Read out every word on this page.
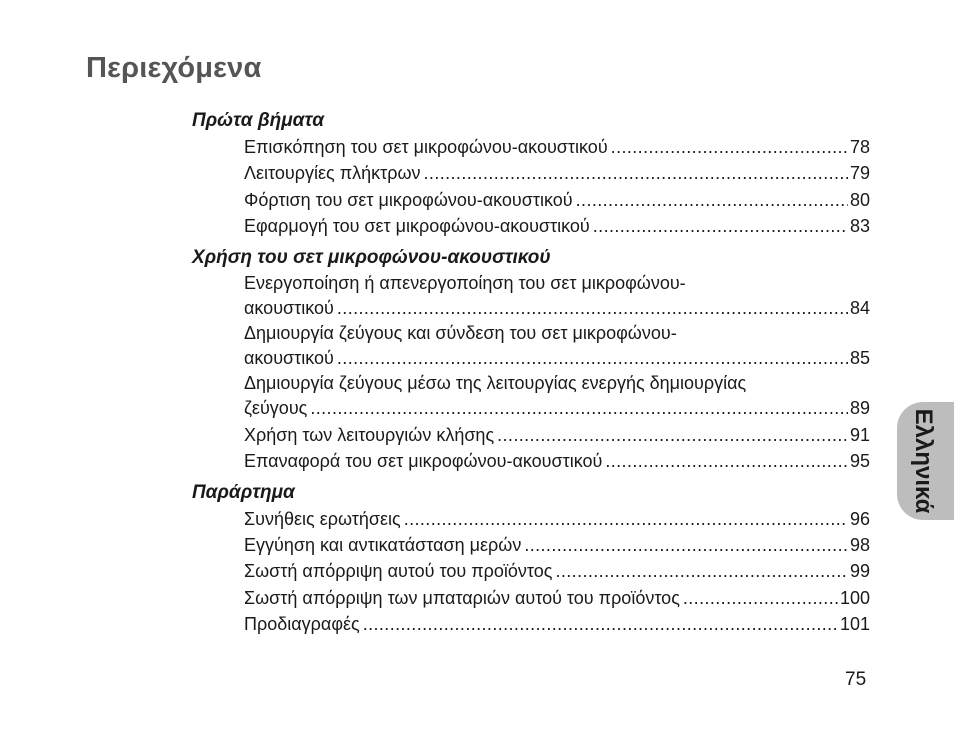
Περιεχόμενα
Πρώτα βήματα
Επισκόπηση του σετ μικροφώνου-ακουστικού .....	78
Λειτουργίες πλήκτρων .....	79
Φόρτιση του σετ μικροφώνου-ακουστικού .....	80
Εφαρμογή του σετ μικροφώνου-ακουστικού .....	83
Χρήση του σετ μικροφώνου-ακουστικού
Ενεργοποίηση ή απενεργοποίηση του σετ μικροφώνου-
ακουστικού .....	84
Δημιουργία ζεύγους και σύνδεση του σετ μικροφώνου-
ακουστικού .....	85
Δημιουργία ζεύγους μέσω της λειτουργίας ενεργής δημιουργίας
ζεύγους .....	89
Χρήση των λειτουργιών κλήσης .....	91
Επαναφορά του σετ μικροφώνου-ακουστικού .....	95
Παράρτημα
Συνήθεις ερωτήσεις .....	96
Εγγύηση και αντικατάσταση μερών .....	98
Σωστή απόρριψη αυτού του προϊόντος .....	99
Σωστή απόρριψη των μπαταριών αυτού του προϊόντος .....	100
Προδιαγραφές .....	101
Ελληνικά
75
